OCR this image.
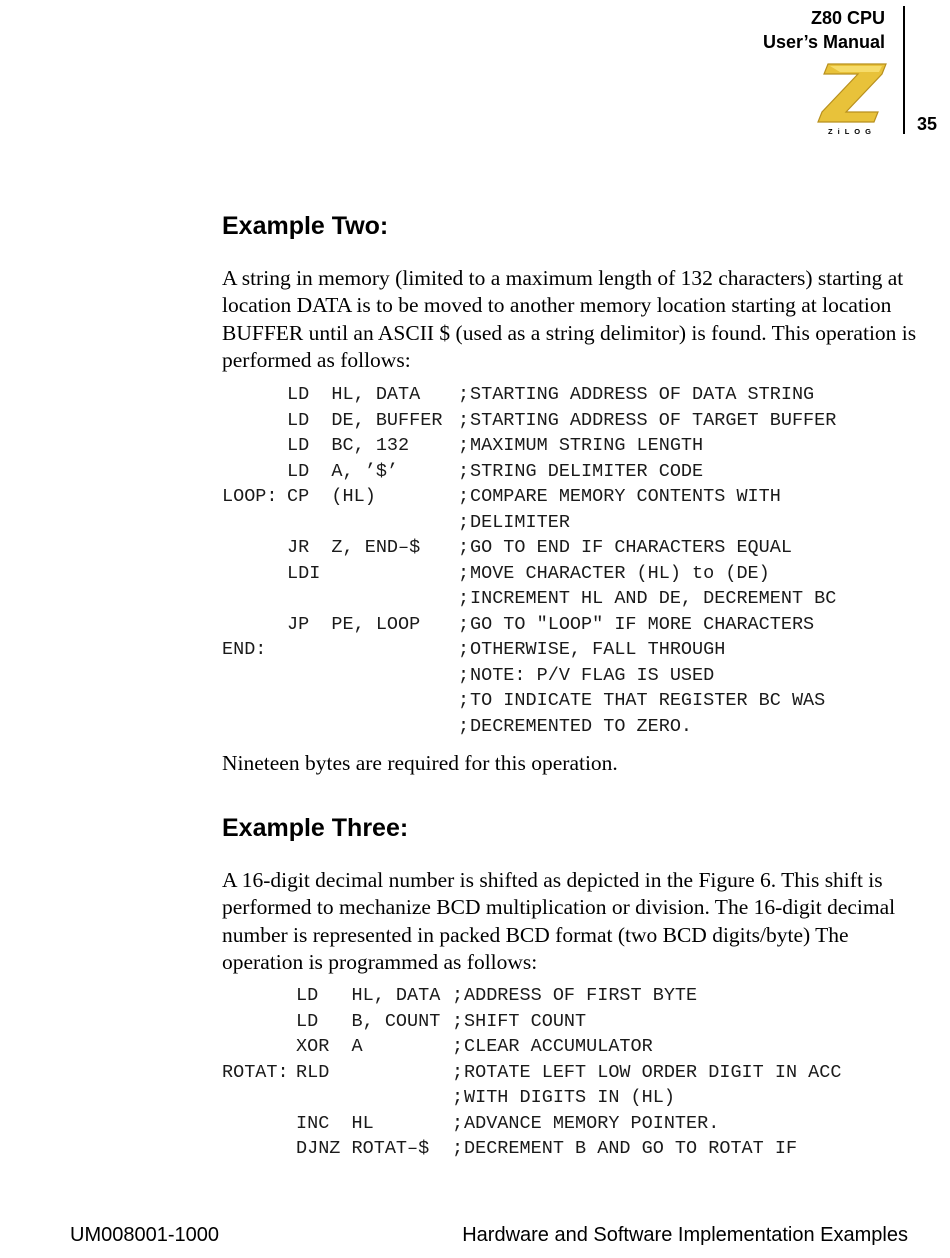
Z80 CPU
User’s Manual
ZiLOG 35
Example Two:

A string in memory (limited to a maximum length of 132 characters) starting at location DATA is to be moved to another memory location starting at location BUFFER until an ASCII $ (used as a string delimitor) is found. This operation is performed as follows:

LD  HL, DATA ; STARTING ADDRESS OF DATA STRING
LD  DE, BUFFER ; STARTING ADDRESS OF TARGET BUFFER
LD  BC, 132	; MAXIMUM STRING LENGTH
LD  A, ’$’	; STRING DELIMITER CODE
LOOP: CP  (HL)	; COMPARE MEMORY CONTENTS WITH
; DELIMITER
JR  Z, END–$ ; GO TO END IF CHARACTERS EQUAL
LDI	; MOVE CHARACTER (HL) to (DE)
; INCREMENT HL AND DE, DECREMENT BC
JP  PE, LOOP ; GO TO "LOOP" IF MORE CHARACTERS
END:	; OTHERWISE, FALL THROUGH
; NOTE: P/V FLAG IS USED
; TO INDICATE THAT REGISTER BC WAS
; DECREMENTED TO ZERO.

Nineteen bytes are required for this operation.

Example Three:

A 16-digit decimal number is shifted as depicted in the Figure 6. This shift is performed to mechanize BCD multiplication or division. The 16-digit decimal number is represented in packed BCD format (two BCD digits/byte) The operation is programmed as follows:

LD   HL, DATA ; ADDRESS OF FIRST BYTE
LD   B, COUNT ; SHIFT COUNT
XOR  A	; CLEAR ACCUMULATOR
ROTAT: RLD	; ROTATE LEFT LOW ORDER DIGIT IN ACC
; WITH DIGITS IN (HL)
INC  HL	; ADVANCE MEMORY POINTER.
DJNZ ROTAT–$ ; DECREMENT B AND GO TO ROTAT IF
UM008001-1000	Hardware and Software Implementation Examples
